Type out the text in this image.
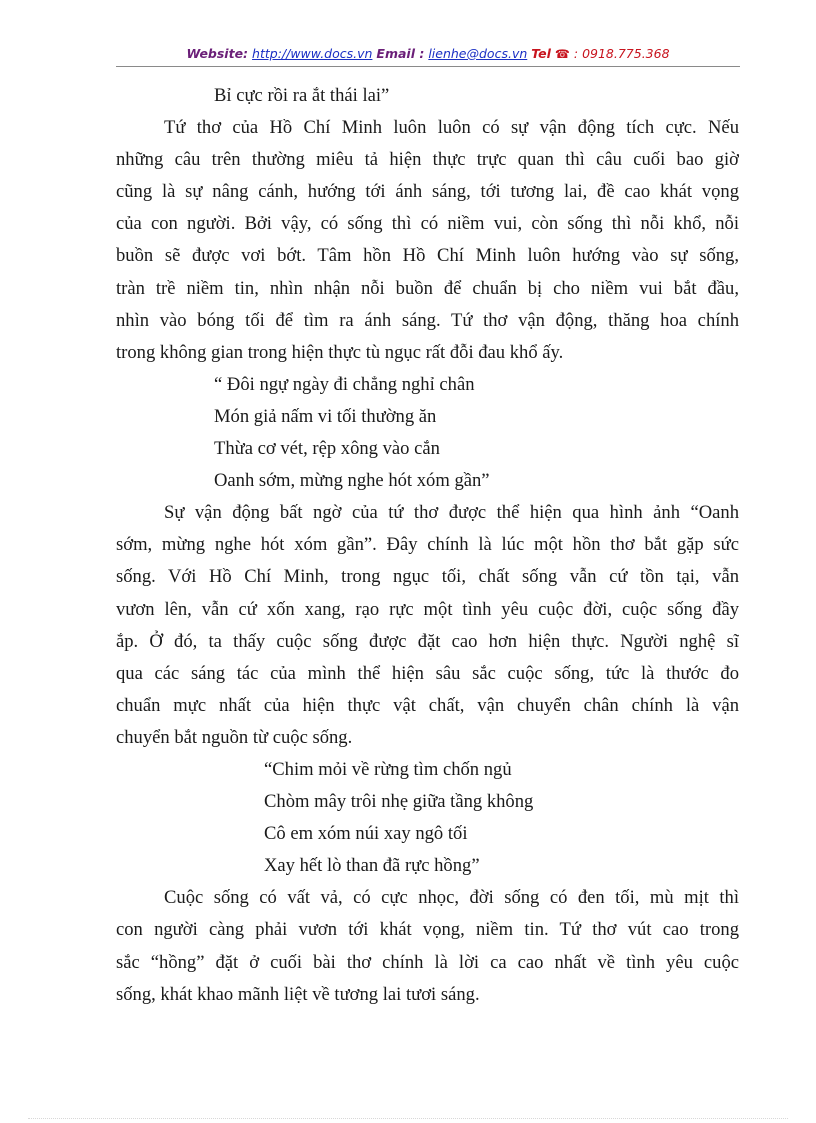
Website: http://www.docs.vn Email : lienhe@docs.vn Tel ☎ : 0918.775.368
Bỉ cực rồi ra ắt thái lai”
Tứ thơ của Hồ Chí Minh luôn luôn có sự vận động tích cực. Nếu
những câu trên thường miêu tả hiện thực trực quan thì câu cuối bao giờ
cũng là sự nâng cánh, hướng tới ánh sáng, tới tương lai, đề cao khát vọng
của con người. Bởi vậy, có sống thì có niềm vui, còn sống thì nỗi khổ, nỗi
buồn sẽ được vơi bớt. Tâm hồn Hồ Chí Minh luôn hướng vào sự sống,
tràn trề niềm tin, nhìn nhận nỗi buồn để chuẩn bị cho niềm vui bắt đầu,
nhìn vào bóng tối để tìm ra ánh sáng. Tứ thơ vận động, thăng hoa chính
trong không gian trong hiện thực tù ngục rất đỗi đau khổ ấy.
“ Đôi ngự ngày đi chẳng nghỉ chân
Món giả nấm vi tối thường ăn
Thừa cơ vét, rệp xông vào cắn
Oanh sớm, mừng nghe hót xóm gần”
Sự vận động bất ngờ của tứ thơ được thể hiện qua hình ảnh “Oanh
sớm, mừng nghe hót xóm gần”. Đây chính là lúc một hồn thơ bắt gặp sức
sống. Với Hồ Chí Minh, trong ngục tối, chất sống vẫn cứ tồn tại, vẫn
vươn lên, vẫn cứ xốn xang, rạo rực một tình yêu cuộc đời, cuộc sống đầy
ắp. Ở đó, ta thấy cuộc sống được đặt cao hơn hiện thực. Người nghệ sĩ
qua các sáng tác của mình thể hiện sâu sắc cuộc sống, tức là thước đo
chuẩn mực nhất của hiện thực vật chất, vận chuyển chân chính là vận
chuyển bắt nguồn từ cuộc sống.
“Chim mỏi về rừng tìm chốn ngủ
Chòm mây trôi nhẹ giữa tầng không
Cô em xóm núi xay ngô tối
Xay hết lò than đã rực hồng”
Cuộc sống có vất vả, có cực nhọc, đời sống có đen tối, mù mịt thì
con người càng phải vươn tới khát vọng, niềm tin. Tứ thơ vút cao trong
sắc “hồng” đặt ở cuối bài thơ chính là lời ca cao nhất về tình yêu cuộc
sống, khát khao mãnh liệt về tương lai tươi sáng.
